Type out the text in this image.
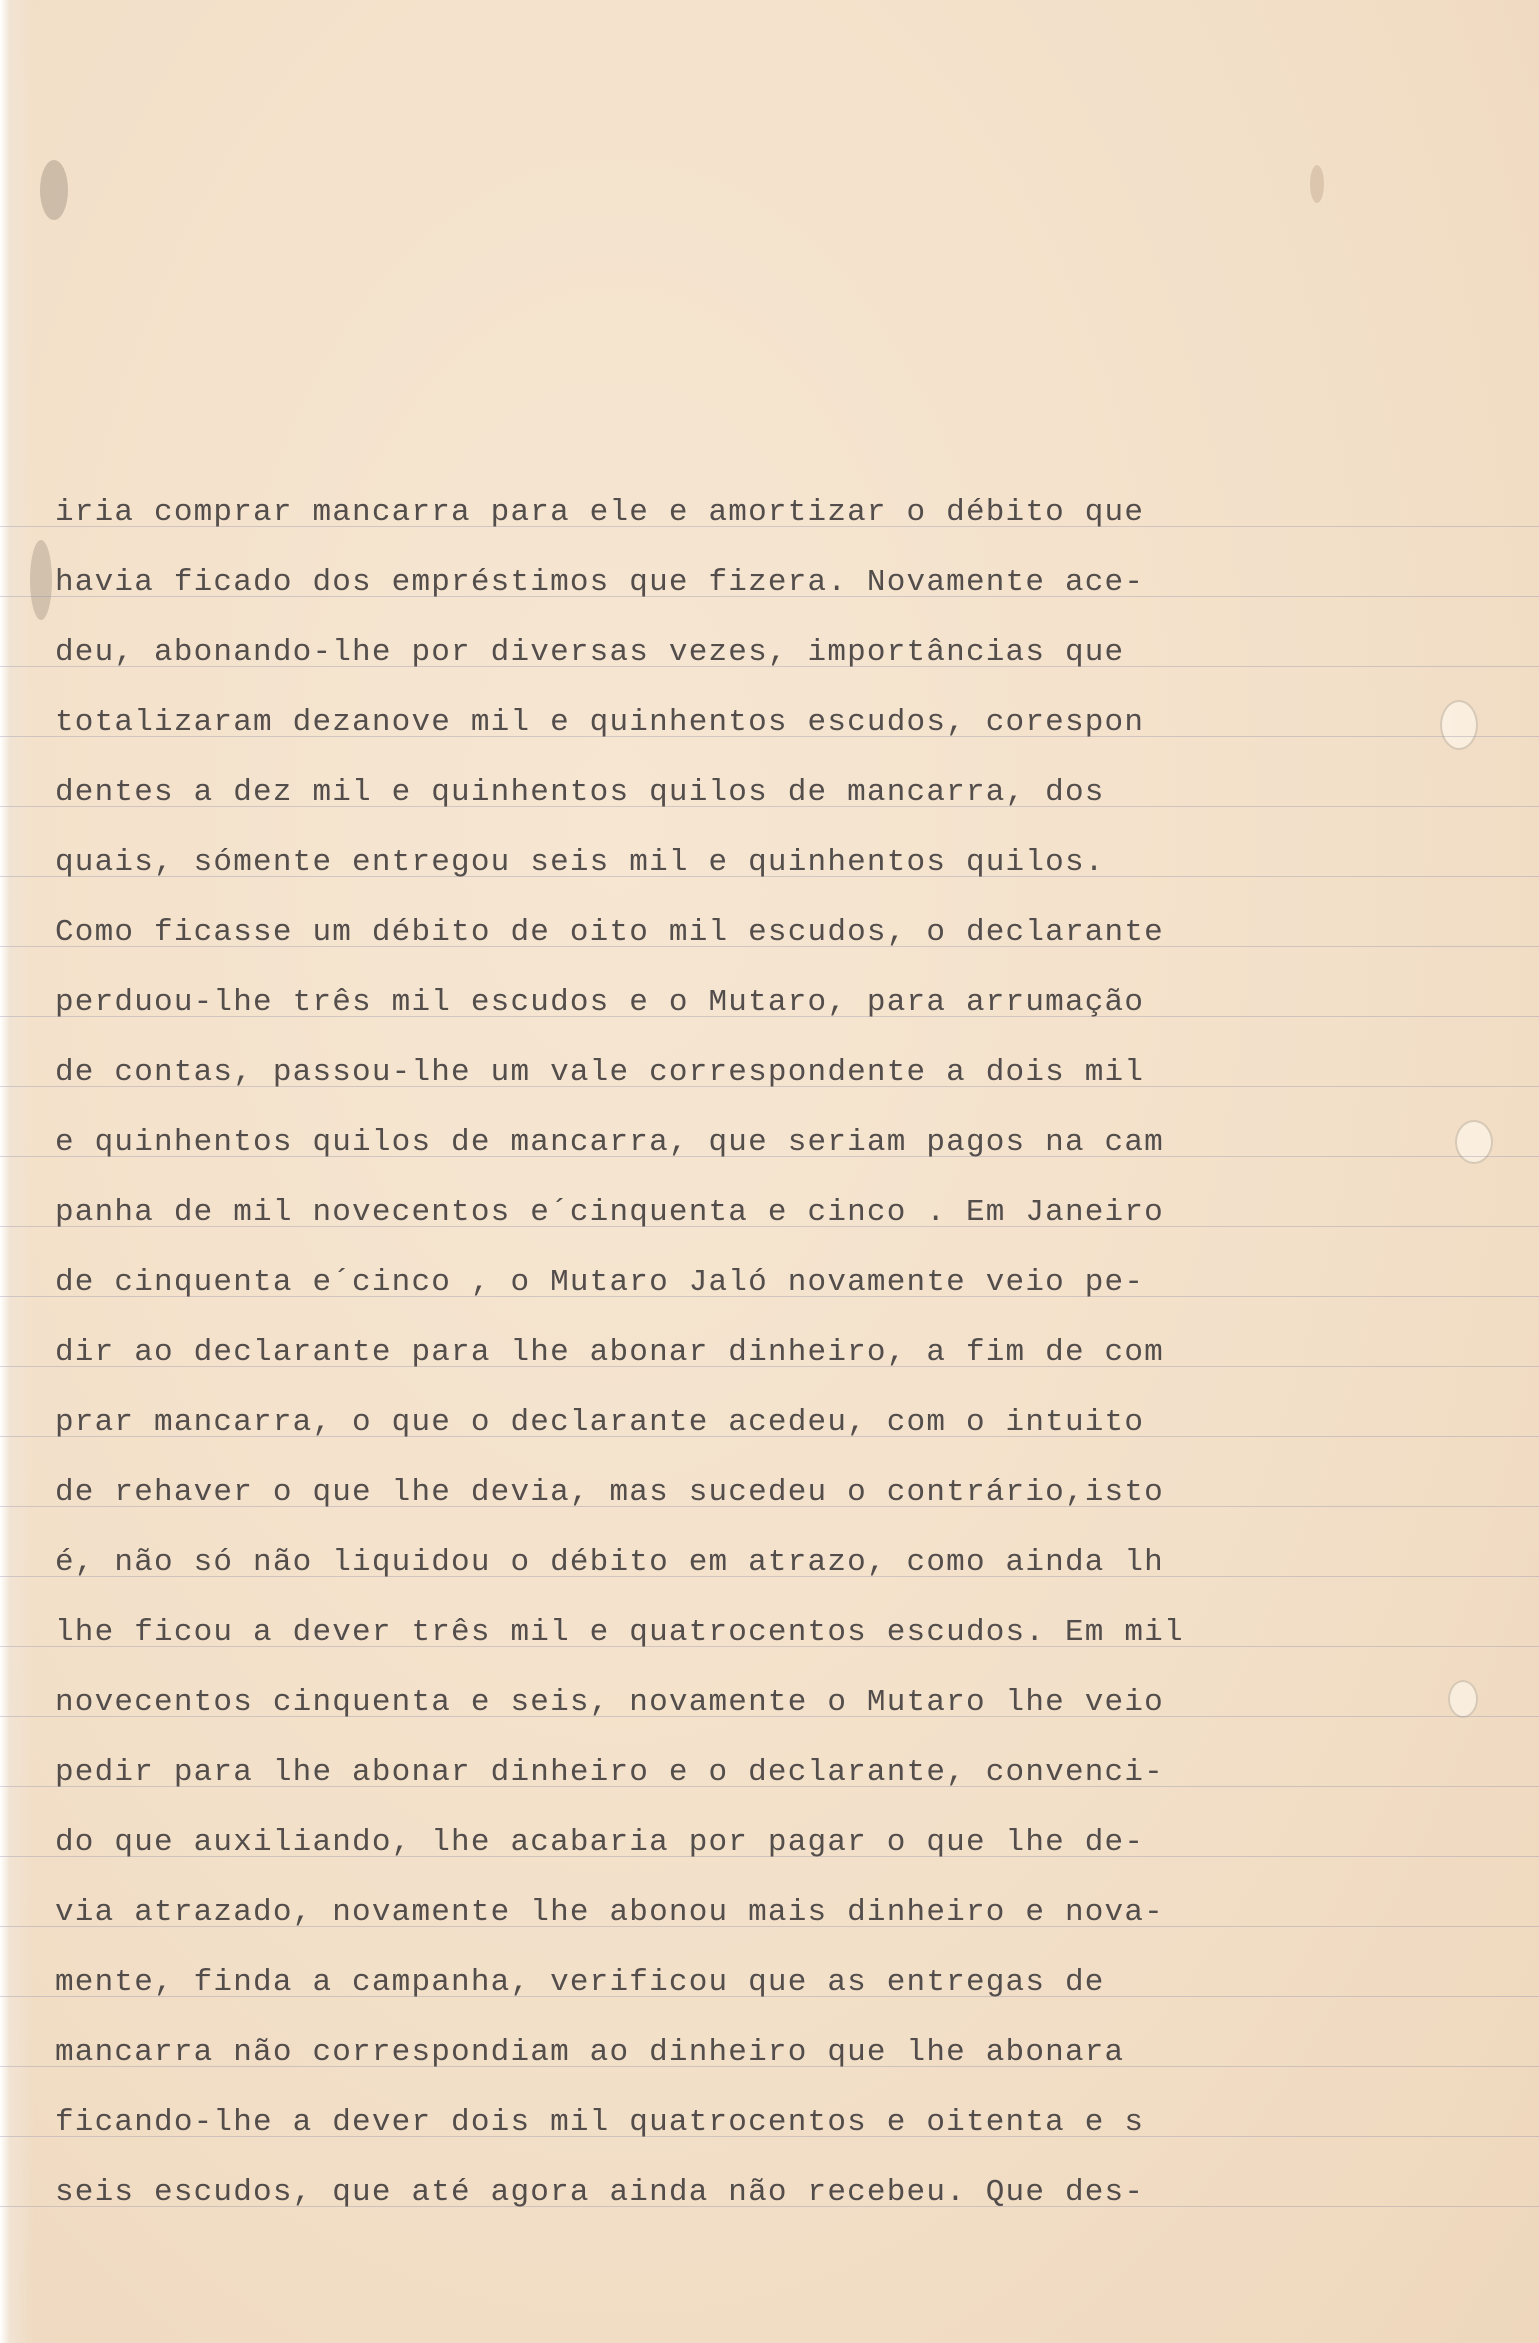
iria comprar mancarra para ele e amortizar o débito que
havia ficado dos empréstimos que fizera. Novamente ace-
deu, abonando-lhe por diversas vezes, importâncias que
totalizaram dezanove mil e quinhentos escudos, corespon
dentes a dez mil e quinhentos quilos de mancarra, dos
quais, sómente entregou seis mil e quinhentos quilos.
Como ficasse um débito de oito mil escudos, o declarante
perduou-lhe três mil escudos e o Mutaro, para arrumação
de contas, passou-lhe um vale correspondente a dois mil
e quinhentos quilos de mancarra, que seriam pagos na cam
panha de mil novecentos e´cinquenta e cinco . Em Janeiro
de cinquenta e´cinco , o Mutaro Jaló novamente veio pe-
dir ao declarante para lhe abonar dinheiro, a fim de com
prar mancarra, o que o declarante acedeu, com o intuito
de rehaver o que lhe devia, mas sucedeu o contrário,isto
é, não só não liquidou o débito em atrazo, como ainda lh
lhe ficou a dever três mil e quatrocentos escudos. Em mil
novecentos cinquenta e seis, novamente o Mutaro lhe veio
pedir para lhe abonar dinheiro e o declarante, convenci-
do que auxiliando, lhe acabaria por pagar o que lhe de-
via atrazado, novamente lhe abonou mais dinheiro e nova-
mente, finda a campanha, verificou que as entregas de
mancarra não correspondiam ao dinheiro que lhe abonara
ficando-lhe a dever dois mil quatrocentos e oitenta e s
seis escudos, que até agora ainda não recebeu. Que des-
